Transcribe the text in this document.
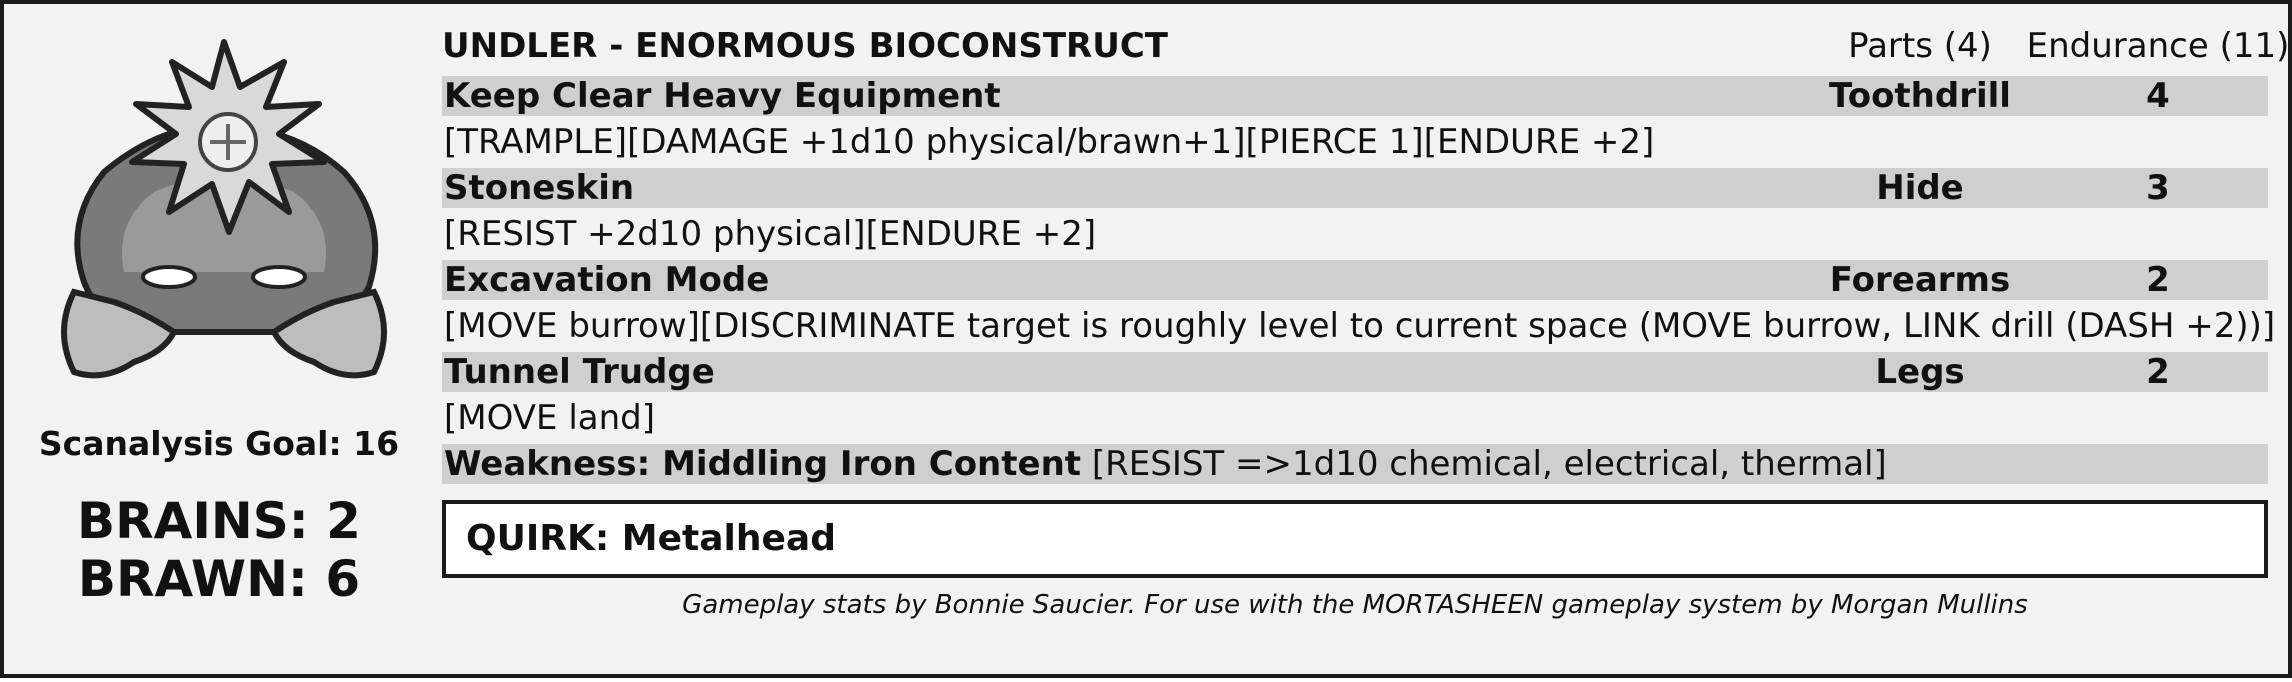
Scanalysis Goal: 16
BRAINS: 2
BRAWN: 6
UNDLER - ENORMOUS BIOCONSTRUCT	Parts (4)	Endurance (11)
Keep Clear Heavy Equipment	Toothdrill	4
[TRAMPLE][DAMAGE +1d10 physical/brawn+1][PIERCE 1][ENDURE +2]
Stoneskin	Hide	3
[RESIST +2d10 physical][ENDURE +2]
Excavation Mode	Forearms	2
[MOVE burrow][DISCRIMINATE target is roughly level to current space (MOVE burrow, LINK drill (DASH +2))]
Tunnel Trudge	Legs	2
[MOVE land]
Weakness: Middling Iron Content [RESIST =>1d10 chemical, electrical, thermal]
QUIRK: Metalhead
Gameplay stats by Bonnie Saucier. For use with the MORTASHEEN gameplay system by Morgan Mullins
